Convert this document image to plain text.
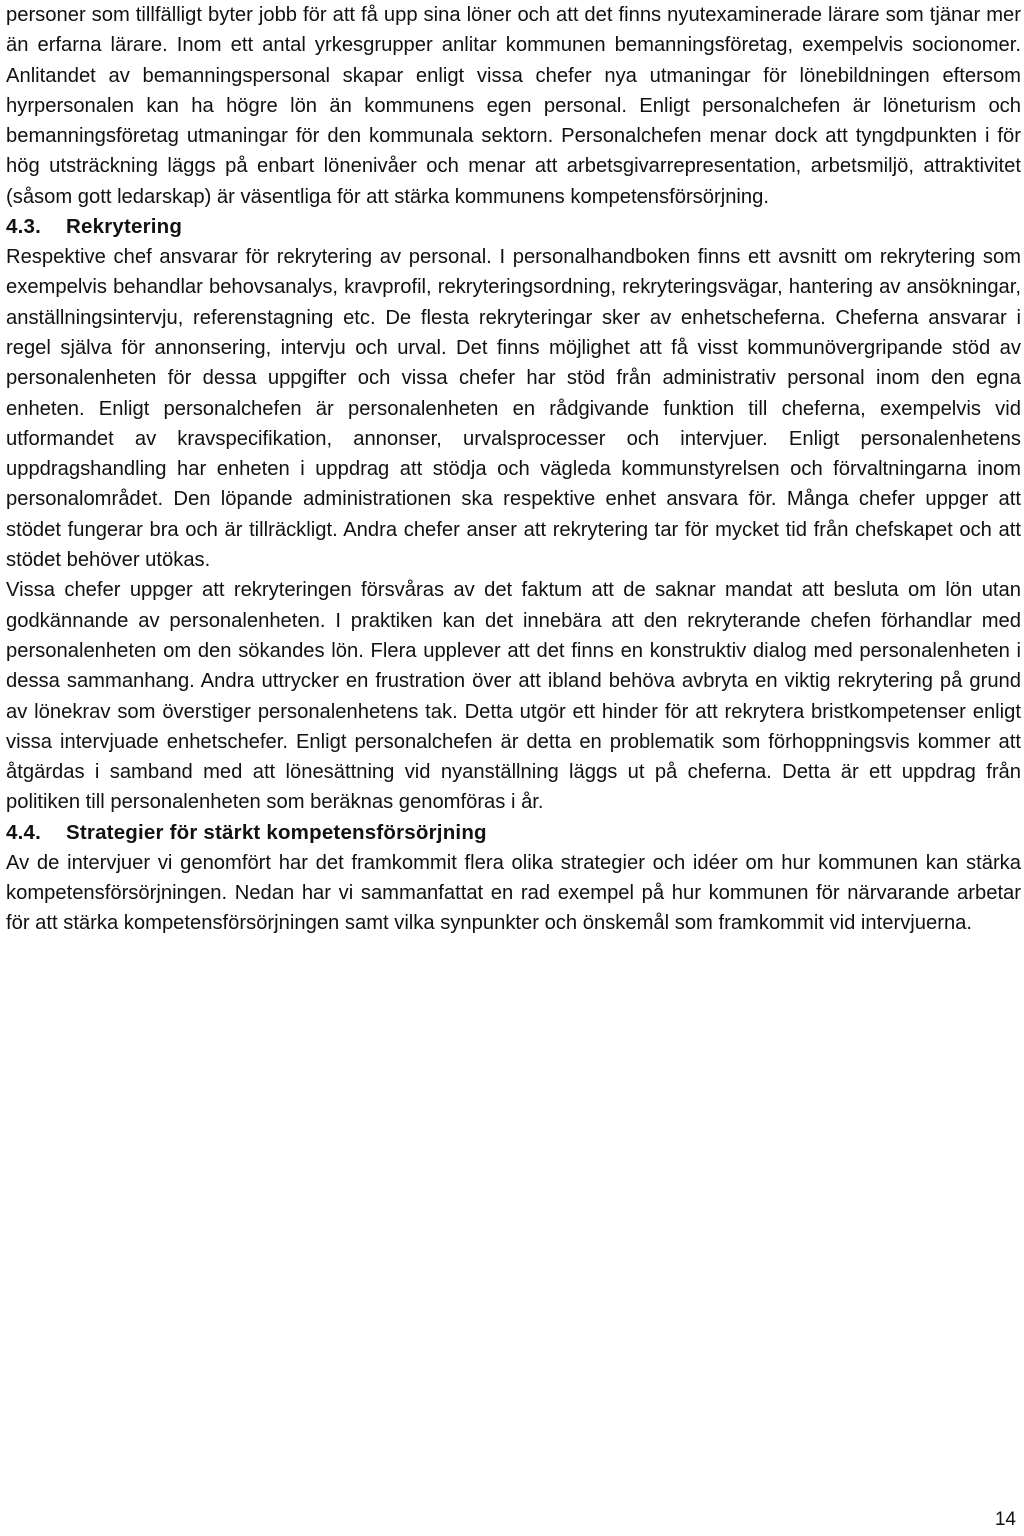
personer som tillfälligt byter jobb för att få upp sina löner och att det finns nyutexaminerade lärare som tjänar mer än erfarna lärare. Inom ett antal yrkesgrupper anlitar kommunen bemanningsföretag, exempelvis socionomer. Anlitandet av bemanningspersonal skapar enligt vissa chefer nya utmaningar för lönebildningen eftersom hyrpersonalen kan ha högre lön än kommunens egen personal. Enligt personalchefen är löneturism och bemanningsföretag utmaningar för den kommunala sektorn. Personalchefen menar dock att tyngdpunkten i för hög utsträckning läggs på enbart lönenivåer och menar att arbetsgivarrepresentation, arbetsmiljö, attraktivitet (såsom gott ledarskap) är väsentliga för att stärka kommunens kompetensförsörjning.

4.3.	Rekrytering

Respektive chef ansvarar för rekrytering av personal. I personalhandboken finns ett avsnitt om rekrytering som exempelvis behandlar behovsanalys, kravprofil, rekryteringsordning, rekryteringsvägar, hantering av ansökningar, anställningsintervju, referenstagning etc. De flesta rekryteringar sker av enhetscheferna. Cheferna ansvarar i regel själva för annonsering, intervju och urval. Det finns möjlighet att få visst kommunövergripande stöd av personalenheten för dessa uppgifter och vissa chefer har stöd från administrativ personal inom den egna enheten. Enligt personalchefen är personalenheten en rådgivande funktion till cheferna, exempelvis vid utformandet av kravspecifikation, annonser, urvalsprocesser och intervjuer. Enligt personalenhetens uppdragshandling har enheten i uppdrag att stödja och vägleda kommunstyrelsen och förvaltningarna inom personalområdet. Den löpande administrationen ska respektive enhet ansvara för. Många chefer uppger att stödet fungerar bra och är tillräckligt. Andra chefer anser att rekrytering tar för mycket tid från chefskapet och att stödet behöver utökas.

Vissa chefer uppger att rekryteringen försvåras av det faktum att de saknar mandat att besluta om lön utan godkännande av personalenheten. I praktiken kan det innebära att den rekryterande chefen förhandlar med personalenheten om den sökandes lön. Flera upplever att det finns en konstruktiv dialog med personalenheten i dessa sammanhang. Andra uttrycker en frustration över att ibland behöva avbryta en viktig rekrytering på grund av lönekrav som överstiger personalenhetens tak. Detta utgör ett hinder för att rekrytera bristkompetenser enligt vissa intervjuade enhetschefer. Enligt personalchefen är detta en problematik som förhoppningsvis kommer att åtgärdas i samband med att lönesättning vid nyanställning läggs ut på cheferna. Detta är ett uppdrag från politiken till personalenheten som beräknas genomföras i år.

4.4.	Strategier för stärkt kompetensförsörjning

Av de intervjuer vi genomfört har det framkommit flera olika strategier och idéer om hur kommunen kan stärka kompetensförsörjningen. Nedan har vi sammanfattat en rad exempel på hur kommunen för närvarande arbetar för att stärka kompetensförsörjningen samt vilka synpunkter och önskemål som framkommit vid intervjuerna.

14
